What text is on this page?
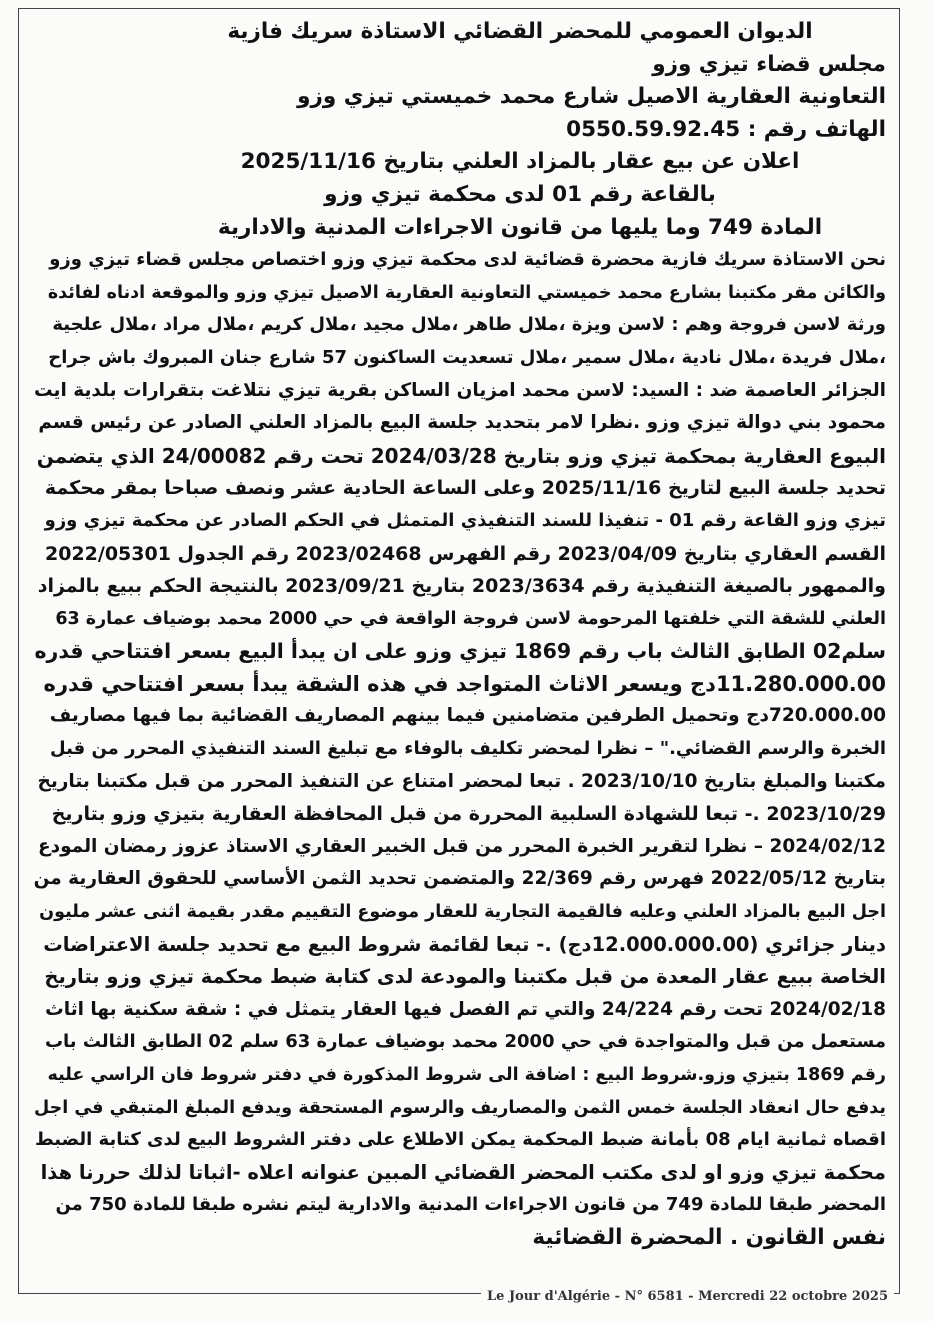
الديوان العمومي للمحضر القضائي الاستاذة سريك فازية
مجلس قضاء تيزي وزو
التعاونية العقارية الاصيل شارع محمد خميستي تيزي وزو
الهاتف رقم : 0550.59.92.45
اعلان عن بيع عقار بالمزاد العلني بتاريخ 2025/11/16
بالقاعة رقم 01 لدى محكمة تيزي وزو
المادة 749 وما يليها من قانون الاجراءات المدنية والادارية
نحن الاستاذة سريك فازية محضرة قضائية لدى محكمة تيزي وزو اختصاص مجلس قضاء تيزي وزو
والكائن مقر مكتبنا بشارع محمد خميستي التعاونية العقارية الاصيل تيزي وزو والموقعة ادناه لفائدة
ورثة لاسن فروجة وهم : لاسن ويزة ،ملال طاهر ،ملال مجيد ،ملال كريم ،ملال مراد ،ملال علجية
،ملال فريدة ،ملال نادية ،ملال سمير ،ملال تسعديت الساكنون 57 شارع جنان المبروك باش جراح
الجزائر العاصمة ضد : السيد: لاسن محمد امزيان الساكن بقرية تيزي نتلاغت بتقرارات بلدية ايت
محمود بني دوالة تيزي وزو .نظرا لامر بتحديد جلسة البيع بالمزاد العلني الصادر عن رئيس قسم
البيوع العقارية بمحكمة تيزي وزو بتاريخ 2024/03/28 تحت رقم 24/00082 الذي يتضمن
تحديد جلسة البيع لتاريخ 2025/11/16 وعلى الساعة الحادية عشر ونصف صباحا بمقر محكمة
تيزي وزو القاعة رقم 01 - تنفيذا للسند التنفيذي المتمثل في الحكم الصادر عن محكمة تيزي وزو
القسم العقاري بتاريخ 2023/04/09 رقم الفهرس 2023/02468 رقم الجدول 2022/05301
والممهور بالصيغة التنفيذية رقم 2023/3634 بتاريخ 2023/09/21 بالنتيجة الحكم ببيع بالمزاد
العلني للشقة التي خلفتها المرحومة لاسن فروجة الواقعة في حي 2000 محمد بوضياف عمارة 63
سلم02 الطابق الثالث باب رقم 1869 تيزي وزو على ان يبدأ البيع بسعر افتتاحي قدره
11.280.000.00دج ويسعر الاثاث المتواجد في هذه الشقة يبدأ بسعر افتتاحي قدره
720.000.00دج وتحميل الطرفين متضامنين فيما بينهم المصاريف القضائية بما فيها مصاريف
الخبرة والرسم القضائي." – نظرا لمحضر تكليف بالوفاء مع تبليغ السند التنفيذي المحرر من قبل
مكتبنا والمبلغ بتاريخ 2023/10/10 . تبعا لمحضر امتناع عن التنفيذ المحرر من قبل مكتبنا بتاريخ
2023/10/29 .- تبعا للشهادة السلبية المحررة من قبل المحافظة العقارية بتيزي وزو بتاريخ
2024/02/12 – نظرا لتقرير الخبرة المحرر من قبل الخبير العقاري الاستاذ عزوز رمضان المودع
بتاريخ 2022/05/12 فهرس رقم 22/369 والمتضمن تحديد الثمن الأساسي للحقوق العقارية من
اجل البيع بالمزاد العلني وعليه فالقيمة التجارية للعقار موضوع التقييم مقدر بقيمة اثنى عشر مليون
دينار جزائري (12.000.000.00دج) .- تبعا لقائمة شروط البيع مع تحديد جلسة الاعتراضات
الخاصة ببيع عقار المعدة من قبل مكتبنا والمودعة لدى كتابة ضبط محكمة تيزي وزو بتاريخ
2024/02/18 تحت رقم 24/224 والتي تم الفصل فيها العقار يتمثل في : شقة سكنية بها اثاث
مستعمل من قبل والمتواجدة في حي 2000 محمد بوضياف عمارة 63 سلم 02 الطابق الثالث باب
رقم 1869 بتيزي وزو.شروط البيع : اضافة الى شروط المذكورة في دفتر شروط فان الراسي عليه
يدفع حال انعقاد الجلسة خمس الثمن والمصاريف والرسوم المستحقة ويدفع المبلغ المتبقي في اجل
اقصاه ثمانية ايام 08 بأمانة ضبط المحكمة يمكن الاطلاع على دفتر الشروط البيع لدى كتابة الضبط
محكمة تيزي وزو او لدى مكتب المحضر القضائي المبين عنوانه اعلاه -اثباتا لذلك حررنا هذا
المحضر طبقا للمادة 749 من قانون الاجراءات المدنية والادارية ليتم نشره طبقا للمادة 750 من
نفس القانون . المحضرة القضائية
Le Jour d'Algérie - N° 6581 - Mercredi 22 octobre 2025
